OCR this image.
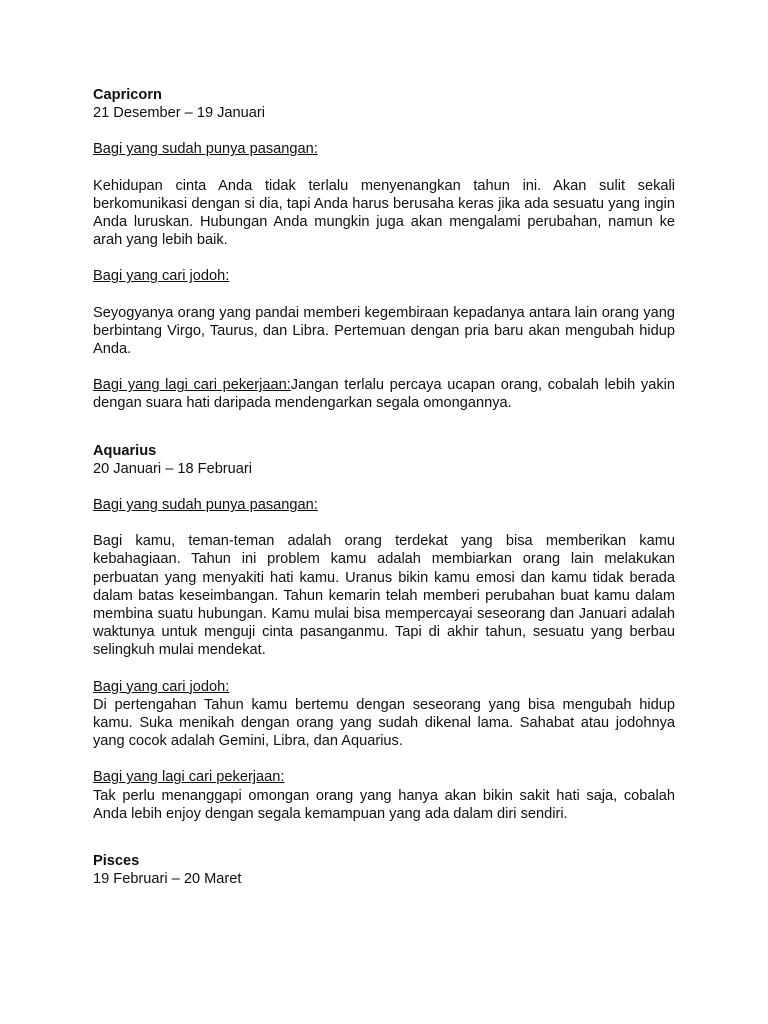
Capricorn

21 Desember – 19 Januari

Bagi yang sudah punya pasangan:

Kehidupan cinta Anda tidak terlalu menyenangkan tahun ini. Akan sulit sekali berkomunikasi dengan si dia, tapi Anda harus berusaha keras jika ada sesuatu yang ingin Anda luruskan. Hubungan Anda mungkin juga akan mengalami perubahan, namun ke arah yang lebih baik.

Bagi yang cari jodoh:

Seyogyanya orang yang pandai memberi kegembiraan kepadanya antara lain orang yang berbintang Virgo, Taurus, dan Libra. Pertemuan dengan pria baru akan mengubah hidup Anda.

Bagi yang lagi cari pekerjaan:Jangan terlalu percaya ucapan orang, cobalah lebih yakin dengan suara hati daripada mendengarkan segala omongannya.

Aquarius

20 Januari – 18 Februari

Bagi yang sudah punya pasangan:

Bagi kamu, teman-teman adalah orang terdekat yang bisa memberikan kamu kebahagiaan. Tahun ini problem kamu adalah membiarkan orang lain melakukan perbuatan yang menyakiti hati kamu. Uranus bikin kamu emosi dan kamu tidak berada dalam batas keseimbangan. Tahun kemarin telah memberi perubahan buat kamu dalam membina suatu hubungan. Kamu mulai bisa mempercayai seseorang dan Januari adalah waktunya untuk menguji cinta pasanganmu. Tapi di akhir tahun, sesuatu yang berbau selingkuh mulai mendekat.

Bagi yang cari jodoh:

Di pertengahan Tahun kamu bertemu dengan seseorang yang bisa mengubah hidup kamu. Suka menikah dengan orang yang sudah dikenal lama. Sahabat atau jodohnya yang cocok adalah Gemini, Libra, dan Aquarius.

Bagi yang lagi cari pekerjaan:

Tak perlu menanggapi omongan orang yang hanya akan bikin sakit hati saja, cobalah Anda lebih enjoy dengan segala kemampuan yang ada dalam diri sendiri.

Pisces

19 Februari – 20 Maret
